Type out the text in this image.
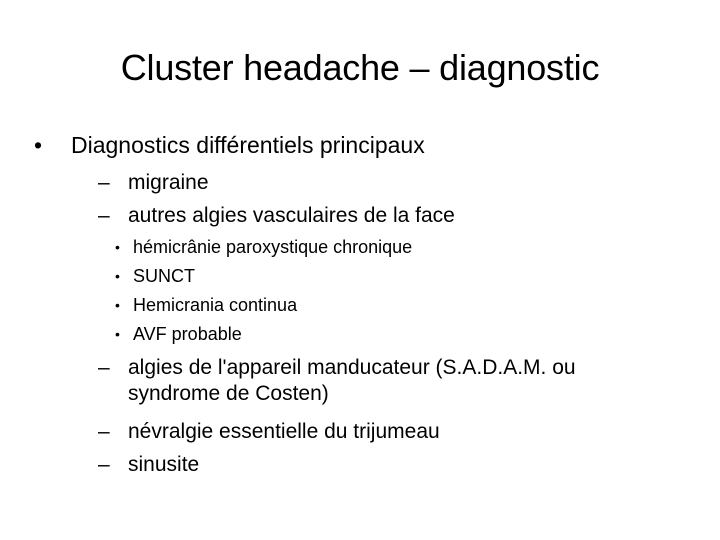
Cluster headache – diagnostic
•	Diagnostics différentiels principaux
– migraine
– autres algies vasculaires de la face
• hémicrânie paroxystique chronique
• SUNCT
• Hemicrania continua
• AVF probable
– algies de l'appareil manducateur (S.A.D.A.M. ou syndrome de Costen)
– névralgie essentielle du trijumeau
– sinusite
